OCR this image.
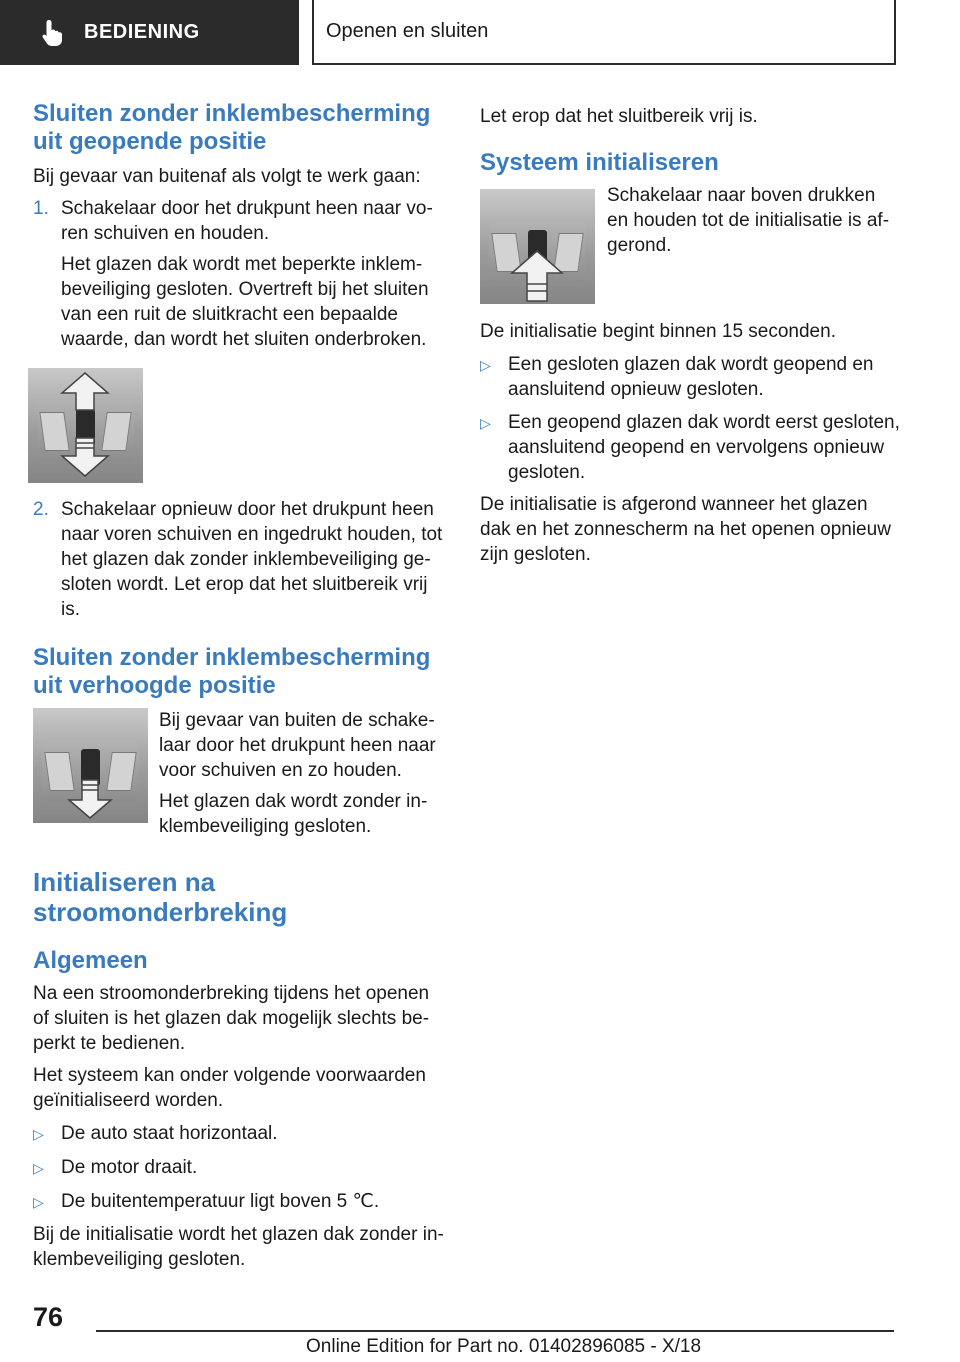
BEDIENING	Openen en sluiten
Sluiten zonder inklembescherming uit geopende positie

Bij gevaar van buitenaf als volgt te werk gaan:

1. Schakelaar door het drukpunt heen naar voren schuiven en houden.

Het glazen dak wordt met beperkte inklembeveiliging gesloten. Overtreft bij het sluiten van een ruit de sluitkracht een bepaalde waarde, dan wordt het sluiten onderbroken.

2. Schakelaar opnieuw door het drukpunt heen naar voren schuiven en ingedrukt houden, tot het glazen dak zonder inklembeveiliging gesloten wordt. Let erop dat het sluitbereik vrij is.

Sluiten zonder inklembescherming uit verhoogde positie

Bij gevaar van buiten de schakelaar door het drukpunt heen naar voor schuiven en zo houden.

Het glazen dak wordt zonder inklembeveiliging gesloten.

Initialiseren na stroomonderbreking
Algemeen

Na een stroomonderbreking tijdens het openen of sluiten is het glazen dak mogelijk slechts beperkt te bedienen.

Het systeem kan onder volgende voorwaarden geïnitialiseerd worden.

▷ De auto staat horizontaal.
▷ De motor draait.
▷ De buitentemperatuur ligt boven 5 ℃.

Bij de initialisatie wordt het glazen dak zonder inklembeveiliging gesloten.

Let erop dat het sluitbereik vrij is.

Systeem initialiseren

Schakelaar naar boven drukken en houden tot de initialisatie is afgerond.

De initialisatie begint binnen 15 seconden.

▷ Een gesloten glazen dak wordt geopend en aansluitend opnieuw gesloten.
▷ Een geopend glazen dak wordt eerst gesloten, aansluitend geopend en vervolgens opnieuw gesloten.

De initialisatie is afgerond wanneer het glazen dak en het zonnescherm na het openen opnieuw zijn gesloten.

76
Online Edition for Part no. 01402896085 - X/18
